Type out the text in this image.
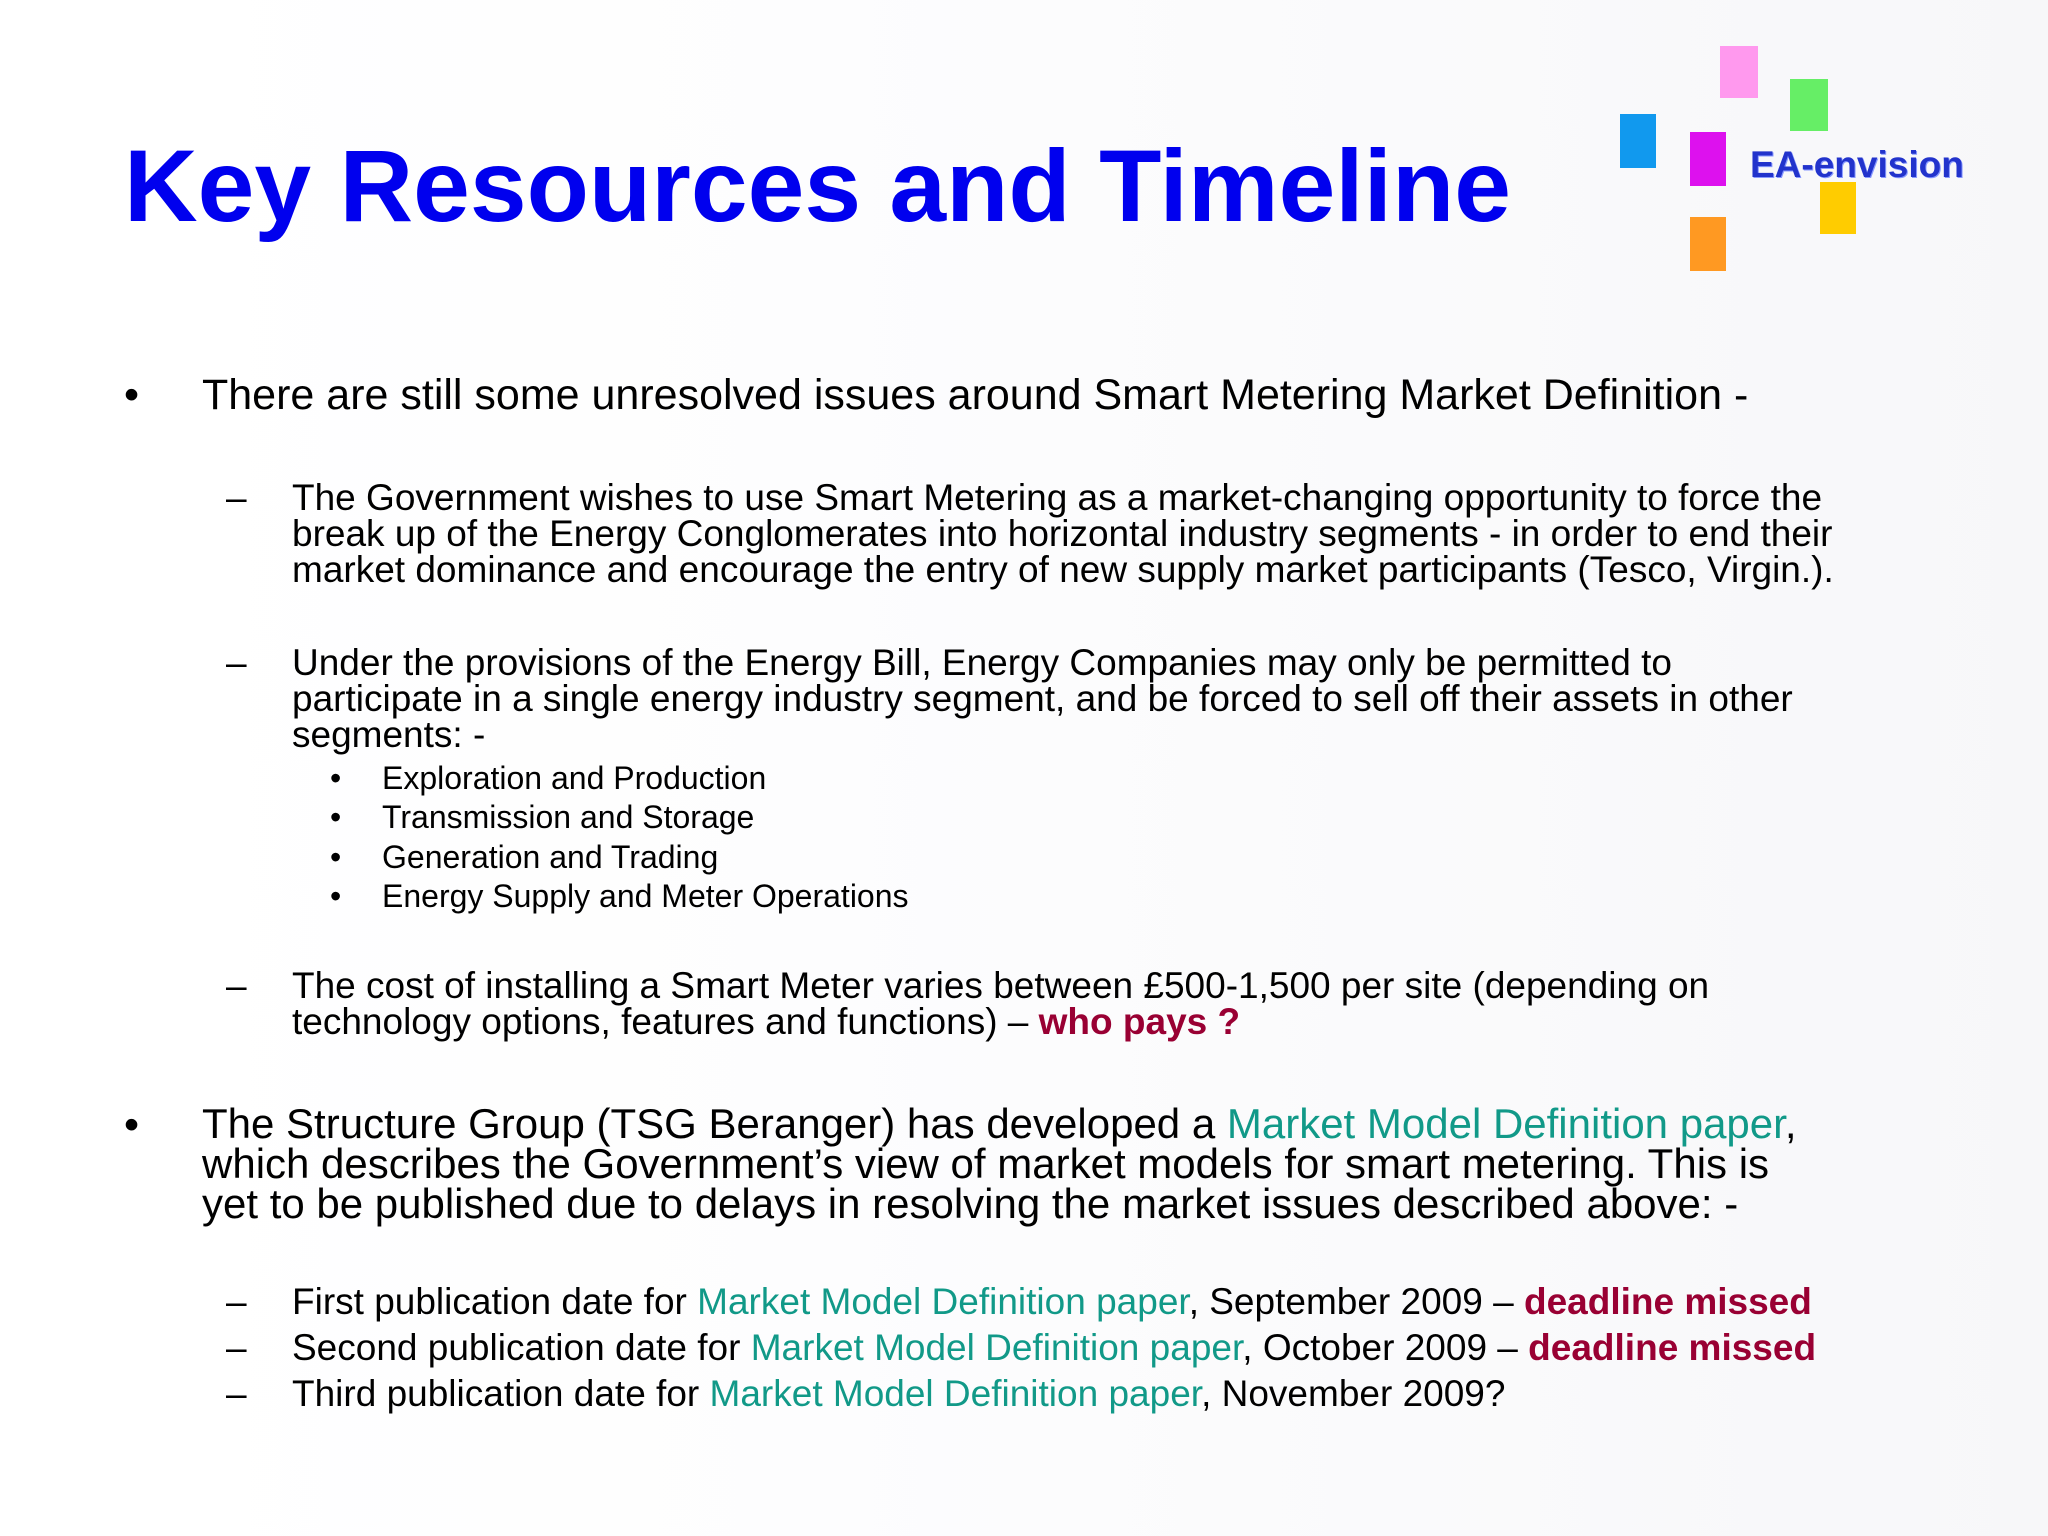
Key Resources and Timeline	EA-envision
• There are still some unresolved issues around Smart Metering Market Definition -
– The Government wishes to use Smart Metering as a market-changing opportunity to force the
break up of the Energy Conglomerates into horizontal industry segments - in order to end their
market dominance and encourage the entry of new supply market participants (Tesco, Virgin.).
– Under the provisions of the Energy Bill, Energy Companies may only be permitted to
participate in a single energy industry segment, and be forced to sell off their assets in other
segments: -
• Exploration and Production
• Transmission and Storage
• Generation and Trading
• Energy Supply and Meter Operations
– The cost of installing a Smart Meter varies between £500-1,500 per site (depending on
technology options, features and functions) – who pays ?
• The Structure Group (TSG Beranger) has developed a Market Model Definition paper,
which describes the Government’s view of market models for smart metering. This is
yet to be published due to delays in resolving the market issues described above: -
– First publication date for Market Model Definition paper, September 2009 – deadline missed
– Second publication date for Market Model Definition paper, October 2009 – deadline missed
– Third publication date for Market Model Definition paper, November 2009?
